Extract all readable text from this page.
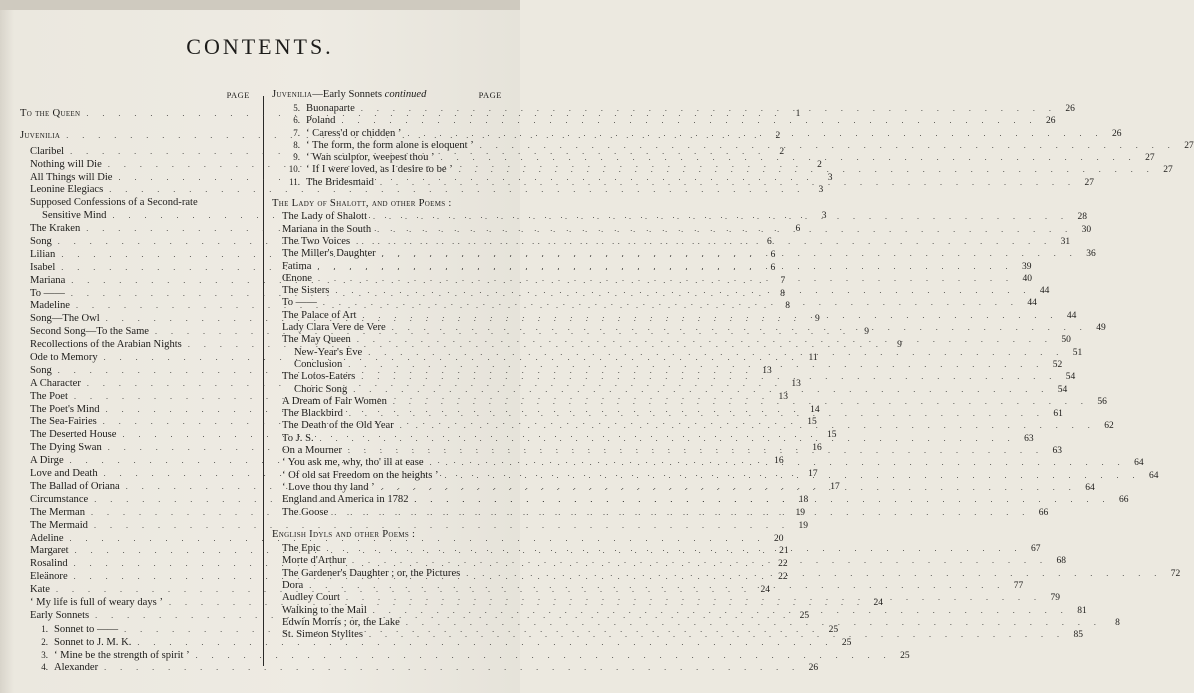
CONTENTS.
PAGE
To the Queen . . .	1
Juvenilia . . .	2
Claribel . . .	2
Nothing will Die . . .	2
All Things will Die . . .	3
Leonine Elegiacs . . .	3
Supposed Confessions of a Second-rate
Sensitive Mind . . .	3
The Kraken . . .	6
Song . . .	6
Lilian . . .	6
Isabel . . .	6
Mariana . . .	7
To —— . . .	8
Madeline . . .	8
Song—The Owl . . .	9
Second Song—To the Same . . .	9
Recollections of the Arabian Nights . . .	9
Ode to Memory . . .	11
Song . . .	13
A Character . . .	13
The Poet . . .	13
The Poet's Mind . . .	14
The Sea-Fairies . . .	15
The Deserted House . . .	15
The Dying Swan . . .	16
A Dirge . . .	16
Love and Death . . .	17
The Ballad of Oriana . . .	17
Circumstance . . .	18
The Merman . . .	19
The Mermaid . . .	19
Adeline . . .	20
Margaret . . .	21
Rosalind . . .	22
Eleänore . . .	22
Kate . . .	24
‘ My life is full of weary days ’ . . .	24
Early Sonnets . . .	25
1. Sonnet to —— . . .	25
2. Sonnet to J. M. K. . . .	25
3. ‘ Mine be the strength of spirit ’ . . .	25
4. Alexander . . .	26
Juvenilia—Early Sonnets continued	PAGE
5. Buonaparte . . .	26
6. Poland . . .	26
7. ‘ Caress'd or chidden ’ . . .	26
8. ‘ The form, the form alone is eloquent ’ . . .	27
9. ‘ Wan sculptor, weepest thou ’ . . .	27
10. ‘ If I were loved, as I desire to be ’ . . .	27
11. The Bridesmaid . . .	27
The Lady of Shalott, and other Poems :
The Lady of Shalott . . .	28
Mariana in the South . . .	30
The Two Voices . . .	31
The Miller's Daughter . . .	36
Fatima . . .	39
Œnone . . .	40
The Sisters . . .	44
To —— . . .	44
The Palace of Art . . .	44
Lady Clara Vere de Vere . . .	49
The May Queen . . .	50
New-Year's Eve . . .	51
Conclusion . . .	52
The Lotos-Eaters . . .	54
Choric Song . . .	54
A Dream of Fair Women . . .	56
The Blackbird . . .	61
The Death of the Old Year . . .	62
To J. S. . . .	63
On a Mourner . . .	63
‘ You ask me, why, tho' ill at ease . . .	64
‘ Of old sat Freedom on the heights ’ . . .	64
‘ Love thou thy land ’ . . .	64
England and America in 1782 . . .	66
The Goose . . .	66
English Idyls and other Poems :
The Epic . . .	67
Morte d'Arthur . . .	68
The Gardener's Daughter ; or, the Pictures . . .	72
Dora . . .	77
Audley Court . . .	79
Walking to the Mail . . .	81
Edwin Morris ; or, the Lake . . .	8
St. Simeon Stylites . . .	85
